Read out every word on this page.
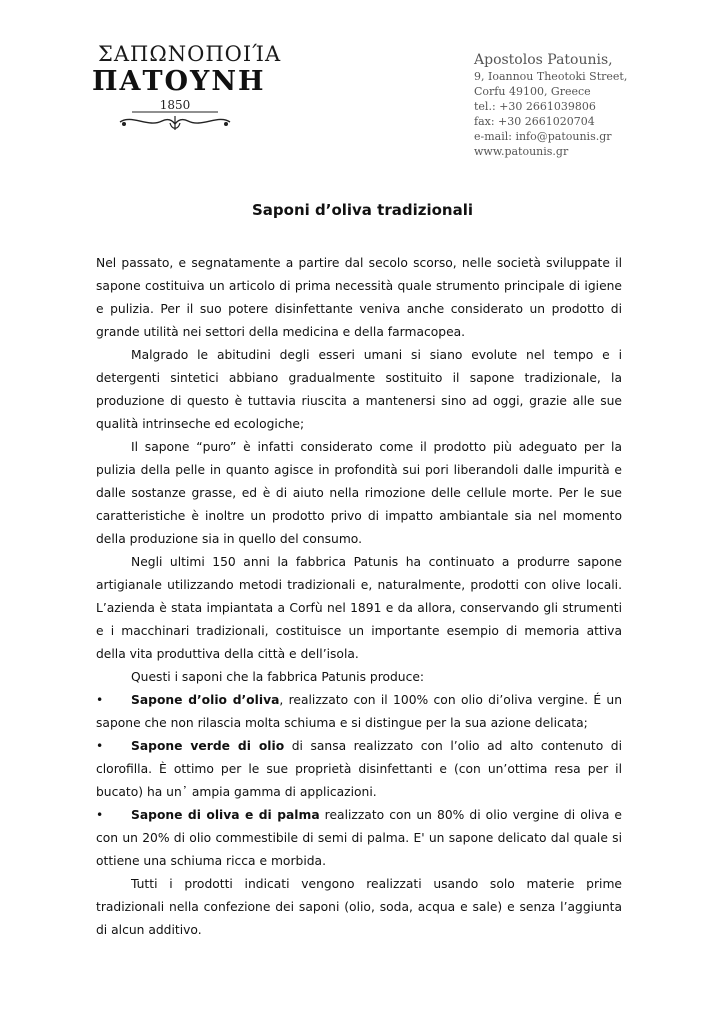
ΣΑΠΩΝΟΠΟΙΊΑ
ΠΑΤΟΥΝΗ
1850
Apostolos Patounis,
9, Ioannou Theotoki Street,
Corfu 49100, Greece
tel.: +30 2661039806
fax: +30 2661020704
e-mail: info@patounis.gr
www.patounis.gr
Saponi d’oliva tradizionali

Nel passato, e segnatamente a partire dal secolo scorso, nelle società sviluppate il sapone costituiva un articolo di prima necessità quale strumento principale di igiene e pulizia. Per il suo potere disinfettante veniva anche considerato un prodotto di grande utilità nei settori della medicina e della farmacopea.

Malgrado le abitudini degli esseri umani si siano evolute nel tempo e i detergenti sintetici abbiano gradualmente sostituito il sapone tradizionale, la produzione di questo è tuttavia riuscita a mantenersi sino ad oggi, grazie alle sue qualità intrinseche ed ecologiche;

Il sapone “puro” è infatti considerato come il prodotto più adeguato per la pulizia della pelle in quanto agisce in profondità sui pori liberandoli dalle impurità e dalle sostanze grasse, ed è di aiuto nella rimozione delle cellule morte. Per le sue caratteristiche è inoltre un prodotto privo di impatto ambiantale sia nel momento della produzione sia in quello del consumo.

Negli ultimi 150 anni la fabbrica Patunis ha continuato a produrre sapone artigianale utilizzando metodi tradizionali e, naturalmente, prodotti con olive locali. L’azienda è stata impiantata a Corfù nel 1891 e da allora, conservando gli strumenti e i macchinari tradizionali, costituisce un importante esempio di memoria attiva della vita produttiva della città e dell’isola.

Questi i saponi che la fabbrica Patunis produce:

•	Sapone d’olio d’oliva, realizzato con il 100% con olio di’oliva vergine. É un sapone che non rilascia molta schiuma e si distingue per la sua azione delicata;
•	Sapone verde di olio di sansa realizzato con l’olio ad alto contenuto di clorofilla. È ottimo per le sue proprietà disinfettanti e (con un’ottima resa per il bucato) ha un᾽ ampia gamma di applicazioni.
•	Sapone di oliva e di palma realizzato con un 80% di olio vergine di oliva e con un 20% di olio commestibile di semi di palma. E' un sapone delicato dal quale si ottiene una schiuma ricca e morbida.

Tutti i prodotti indicati vengono realizzati usando solo materie prime tradizionali nella confezione dei saponi (olio, soda, acqua e sale) e senza l’aggiunta di alcun additivo.
